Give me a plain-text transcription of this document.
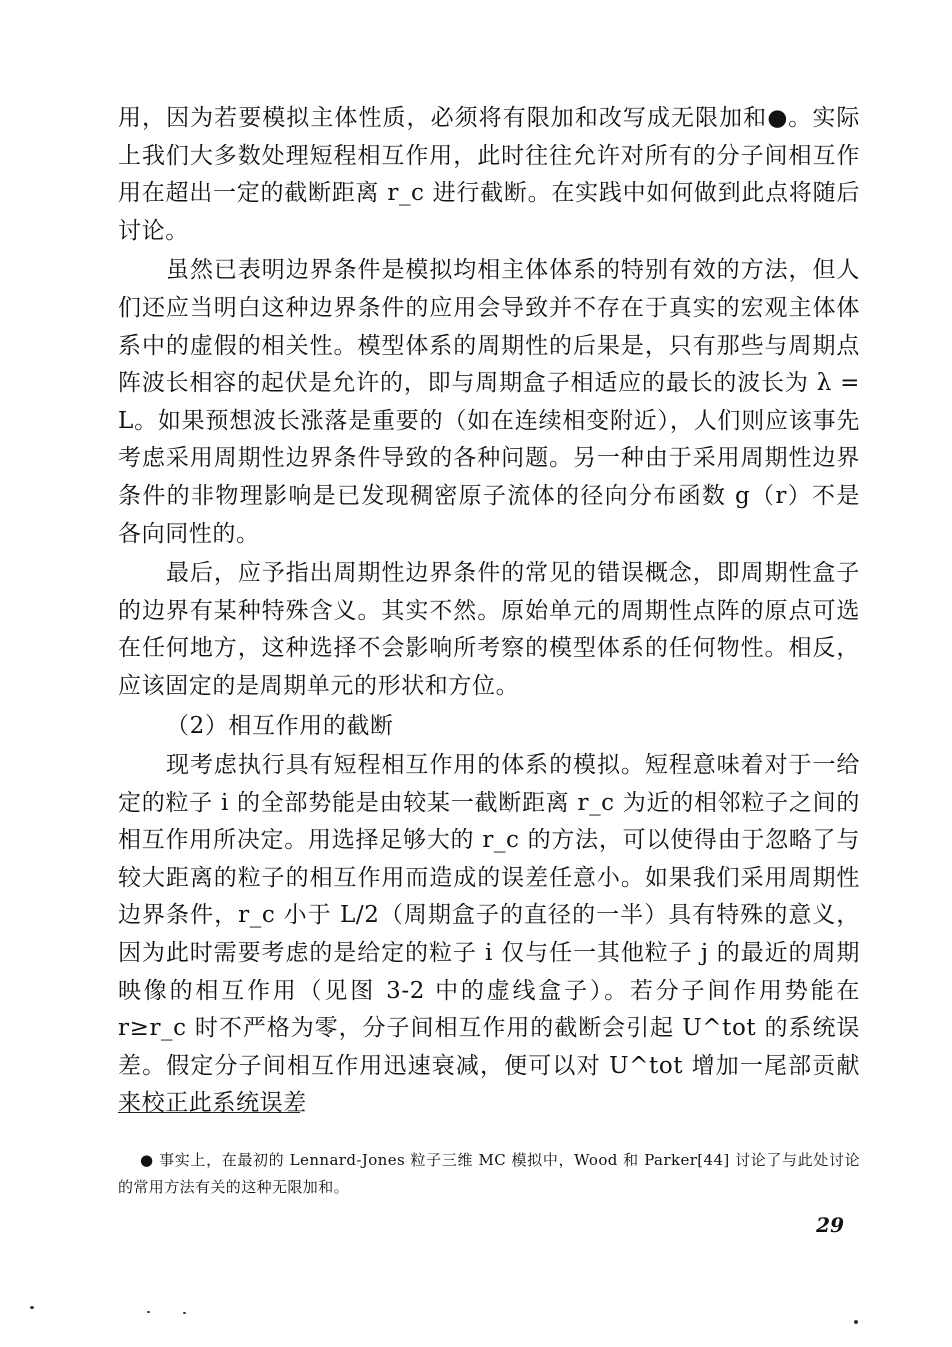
用，因为若要模拟主体性质，必须将有限加和改写成无限加和●。实际上我们大多数处理短程相互作用，此时往往允许对所有的分子间相互作用在超出一定的截断距离 r_c 进行截断。在实践中如何做到此点将随后讨论。

虽然已表明边界条件是模拟均相主体体系的特别有效的方法，但人们还应当明白这种边界条件的应用会导致并不存在于真实的宏观主体体系中的虚假的相关性。模型体系的周期性的后果是，只有那些与周期点阵波长相容的起伏是允许的，即与周期盒子相适应的最长的波长为 λ = L。如果预想波长涨落是重要的（如在连续相变附近），人们则应该事先考虑采用周期性边界条件导致的各种问题。另一种由于采用周期性边界条件的非物理影响是已发现稠密原子流体的径向分布函数 g（r）不是各向同性的。

最后，应予指出周期性边界条件的常见的错误概念，即周期性盒子的边界有某种特殊含义。其实不然。原始单元的周期性点阵的原点可选在任何地方，这种选择不会影响所考察的模型体系的任何物性。相反，应该固定的是周期单元的形状和方位。

（2）相互作用的截断

现考虑执行具有短程相互作用的体系的模拟。短程意味着对于一给定的粒子 i 的全部势能是由较某一截断距离 r_c 为近的相邻粒子之间的相互作用所决定。用选择足够大的 r_c 的方法，可以使得由于忽略了与较大距离的粒子的相互作用而造成的误差任意小。如果我们采用周期性边界条件，r_c 小于 L/2（周期盒子的直径的一半）具有特殊的意义，因为此时需要考虑的是给定的粒子 i 仅与任一其他粒子 j 的最近的周期映像的相互作用（见图 3-2 中的虚线盒子）。若分子间作用势能在 r≥r_c 时不严格为零，分子间相互作用的截断会引起 U^tot 的系统误差。假定分子间相互作用迅速衰减，便可以对 U^tot 增加一尾部贡献来校正此系统误差

● 事实上，在最初的 Lennard-Jones 粒子三维 MC 模拟中，Wood 和 Parker[44] 讨论了与此处讨论的常用方法有关的这种无限加和。

29
